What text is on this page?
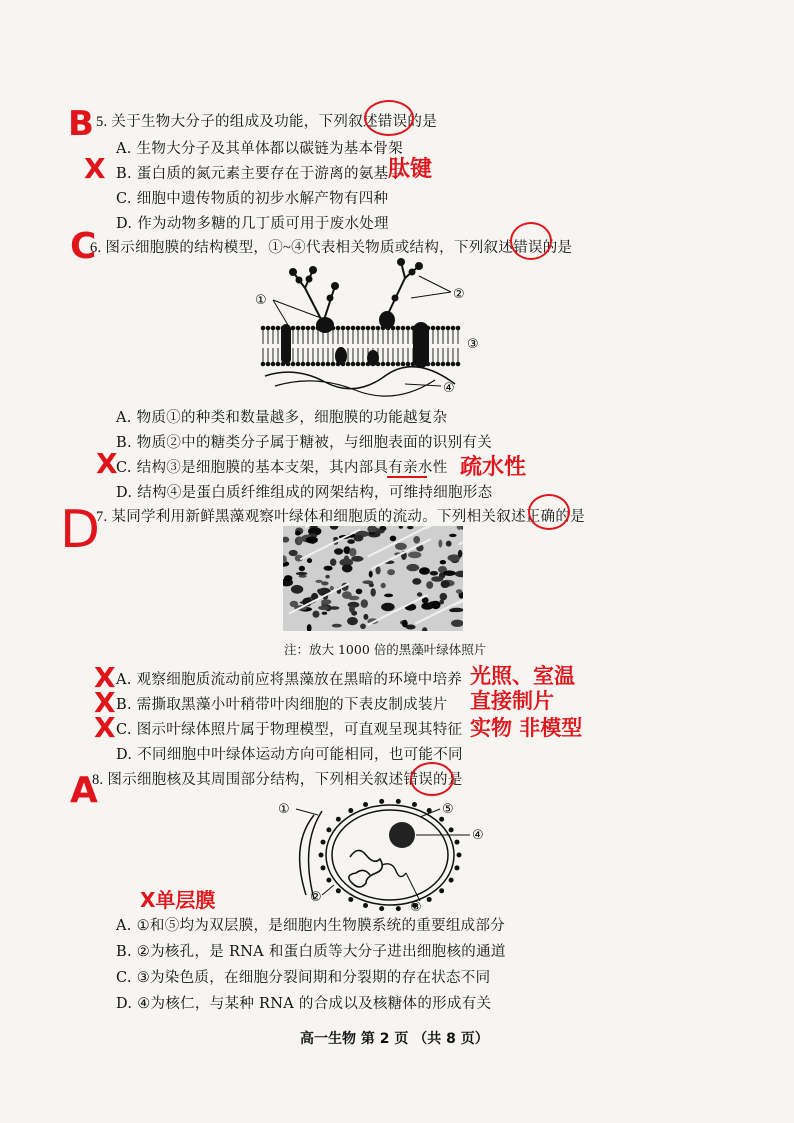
B 5. 关于生物大分子的组成及功能，下列叙述错误的是
A. 生物大分子及其单体都以碳链为基本骨架
X B. 蛋白质的氮元素主要存在于游离的氨基中
肽键
C. 细胞中遗传物质的初步水解产物有四种
D. 作为动物多糖的几丁质可用于废水处理
C
6. 图示细胞膜的结构模型，①~④代表相关物质或结构，下列叙述错误的是
①	②
③
④
A. 物质①的种类和数量越多，细胞膜的功能越复杂
B. 物质②中的糖类分子属于糖被，与细胞表面的识别有关
X
C. 结构③是细胞膜的基本支架，其内部具有亲水性 疏水性
D. 结构④是蛋白质纤维组成的网架结构，可维持细胞形态
D
7. 某同学利用新鲜黑藻观察叶绿体和细胞质的流动。下列相关叙述正确的是
注：放大 1000 倍的黑藻叶绿体照片
X A. 观察细胞质流动前应将黑藻放在黑暗的环境中培养 光照、室温
X B. 需撕取黑藻小叶稍带叶肉细胞的下表皮制成装片 直接制片
X C. 图示叶绿体照片属于物理模型，可直观呈现其特征 实物 非模型
D. 不同细胞中叶绿体运动方向可能相同，也可能不同
A
8. 图示细胞核及其周围部分结构，下列相关叙述错误的是
①
②
③
④
⑤
X单层膜
A. ①和⑤均为双层膜，是细胞内生物膜系统的重要组成部分
B. ②为核孔，是 RNA 和蛋白质等大分子进出细胞核的通道
C. ③为染色质，在细胞分裂间期和分裂期的存在状态不同
D. ④为核仁，与某种 RNA 的合成以及核糖体的形成有关
高一生物 第 2 页 （共 8 页）
